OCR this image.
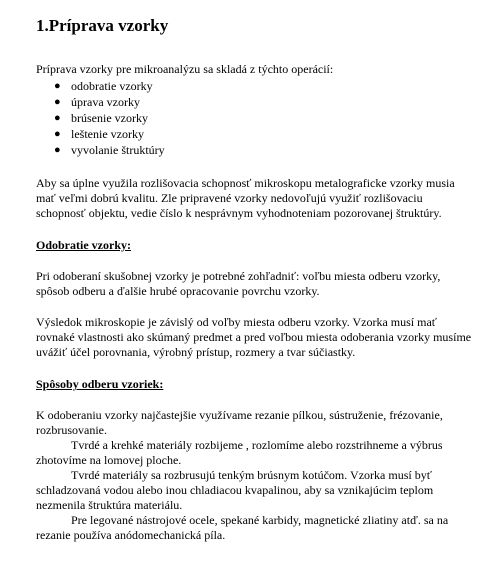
1.Príprava vzorky

Príprava vzorky pre mikroanalýzu sa skladá z týchto operácií:

● odobratie vzorky
● úprava vzorky
● brúsenie vzorky
● leštenie vzorky
● vyvolanie štruktúry

Aby sa úplne využila rozlišovacia schopnosť mikroskopu metalograficke vzorky musia mať veľmi dobrú kvalitu. Zle pripravené vzorky nedovoľujú využiť rozlišovaciu schopnosť objektu, vedie číslo k nesprávnym vyhodnoteniam pozorovanej štruktúry.

Odobratie vzorky:

Pri odoberaní skušobnej vzorky je potrebné zohľadniť: voľbu miesta odberu vzorky, spôsob odberu a ďalšie hrubé opracovanie povrchu vzorky.

Výsledok mikroskopie je závislý od voľby miesta odberu vzorky. Vzorka musí mať rovnaké vlastnosti ako skúmaný predmet a pred voľbou miesta odoberania vzorky musíme uvážiť účel porovnania, výrobný prístup, rozmery a tvar súčiastky.

Spôsoby odberu vzoriek:

K odoberaniu vzorky najčastejšie využívame rezanie pílkou, sústruženie, frézovanie, rozbrusovanie.

Tvrdé a krehké materiály rozbijeme , rozlomíme alebo rozstrihneme a výbrus zhotovíme na lomovej ploche.

Tvrdé materiály sa rozbrusujú tenkým brúsnym kotúčom. Vzorka musí byť schladzovaná vodou alebo inou chladiacou kvapalinou, aby sa vznikajúcim teplom nezmenila štruktúra materiálu.

Pre legované nástrojové ocele, spekané karbidy, magnetické zliatiny atď. sa na rezanie používa anódomechanická píla.
